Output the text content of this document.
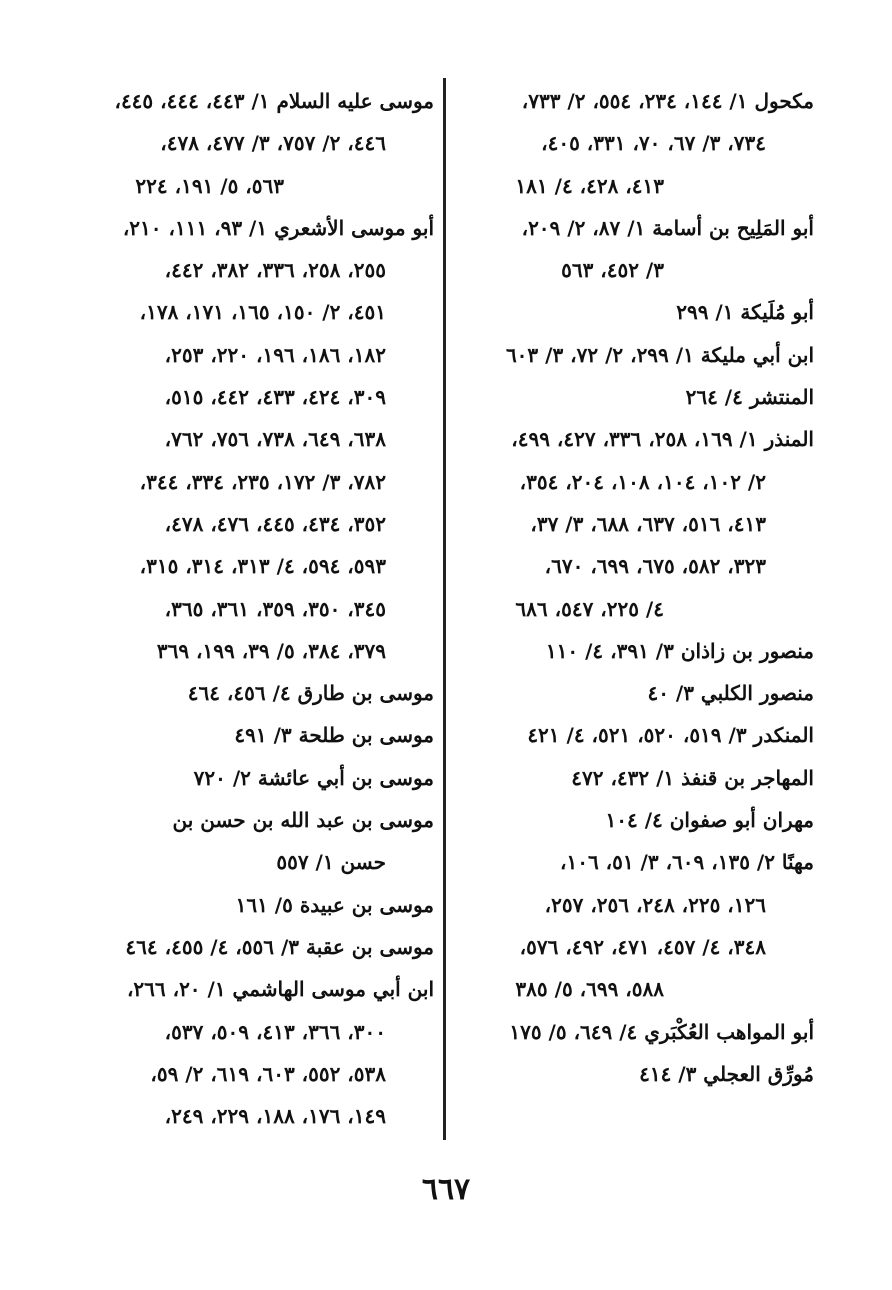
مكحول ١/ ١٤٤، ٢٣٤، ٥٥٤، ٢/ ٧٣٣،
٧٣٤، ٣/ ٦٧، ٧٠، ٣٣١، ٤٠٥،
٤١٣، ٤٢٨، ٤/ ١٨١
أبو المَلِيح بن أسامة ١/ ٨٧، ٢/ ٢٠٩،
٣/ ٤٥٢، ٥٦٣
أبو مُلَيكة ١/ ٢٩٩
ابن أبي مليكة ١/ ٢٩٩، ٢/ ٧٢، ٣/ ٦٠٣
المنتشر ٤/ ٢٦٤
المنذر ١/ ١٦٩، ٢٥٨، ٣٣٦، ٤٢٧، ٤٩٩،
٢/ ١٠٢، ١٠٤، ١٠٨، ٢٠٤، ٣٥٤،
٤١٣، ٥١٦، ٦٣٧، ٦٨٨، ٣/ ٣٧،
٣٢٣، ٥٨٢، ٦٧٥، ٦٩٩، ٦٧٠،
٤/ ٢٢٥، ٥٤٧، ٦٨٦
منصور بن زاذان ٣/ ٣٩١، ٤/ ١١٠
منصور الكلبي ٣/ ٤٠
المنكدر ٣/ ٥١٩، ٥٢٠، ٥٢١، ٤/ ٤٢١
المهاجر بن قنفذ ١/ ٤٣٢، ٤٧٢
مهران أبو صفوان ٤/ ١٠٤
مهنًا ٢/ ١٣٥، ٦٠٩، ٣/ ٥١، ١٠٦،
١٢٦، ٢٢٥، ٢٤٨، ٢٥٦، ٢٥٧،
٣٤٨، ٤/ ٤٥٧، ٤٧١، ٤٩٢، ٥٧٦،
٥٨٨، ٦٩٩، ٥/ ٣٨٥
أبو المواهب العُكْبَري ٤/ ٦٤٩، ٥/ ١٧٥
مُورِّق العجلي ٣/ ٤١٤
موسى عليه السلام ١/ ٤٤٣، ٤٤٤، ٤٤٥،
٤٤٦، ٢/ ٧٥٧، ٣/ ٤٧٧، ٤٧٨،
٥٦٣، ٥/ ١٩١، ٢٢٤
أبو موسى الأشعري ١/ ٩٣، ١١١، ٢١٠،
٢٥٥، ٢٥٨، ٣٣٦، ٣٨٢، ٤٤٢،
٤٥١، ٢/ ١٥٠، ١٦٥، ١٧١، ١٧٨،
١٨٢، ١٨٦، ١٩٦، ٢٢٠، ٢٥٣،
٣٠٩، ٤٢٤، ٤٣٣، ٤٤٢، ٥١٥،
٦٣٨، ٦٤٩، ٧٣٨، ٧٥٦، ٧٦٢،
٧٨٢، ٣/ ١٧٢، ٢٣٥، ٣٣٤، ٣٤٤،
٣٥٢، ٤٣٤، ٤٤٥، ٤٧٦، ٤٧٨،
٥٩٣، ٥٩٤، ٤/ ٣١٣، ٣١٤، ٣١٥،
٣٤٥، ٣٥٠، ٣٥٩، ٣٦١، ٣٦٥،
٣٧٩، ٣٨٤، ٥/ ٣٩، ١٩٩، ٣٦٩
موسى بن طارق ٤/ ٤٥٦، ٤٦٤
موسى بن طلحة ٣/ ٤٩١
موسى بن أبي عائشة ٢/ ٧٢٠
موسى بن عبد الله بن حسن بن
حسن ١/ ٥٥٧
موسى بن عبيدة ٥/ ١٦١
موسى بن عقبة ٣/ ٥٥٦، ٤/ ٤٥٥، ٤٦٤
ابن أبي موسى الهاشمي ١/ ٢٠، ٢٦٦،
٣٠٠، ٣٦٦، ٤١٣، ٥٠٩، ٥٣٧،
٥٣٨، ٥٥٢، ٦٠٣، ٦١٩، ٢/ ٥٩،
١٤٩، ١٧٦، ١٨٨، ٢٢٩، ٢٤٩،
٦٦٧
